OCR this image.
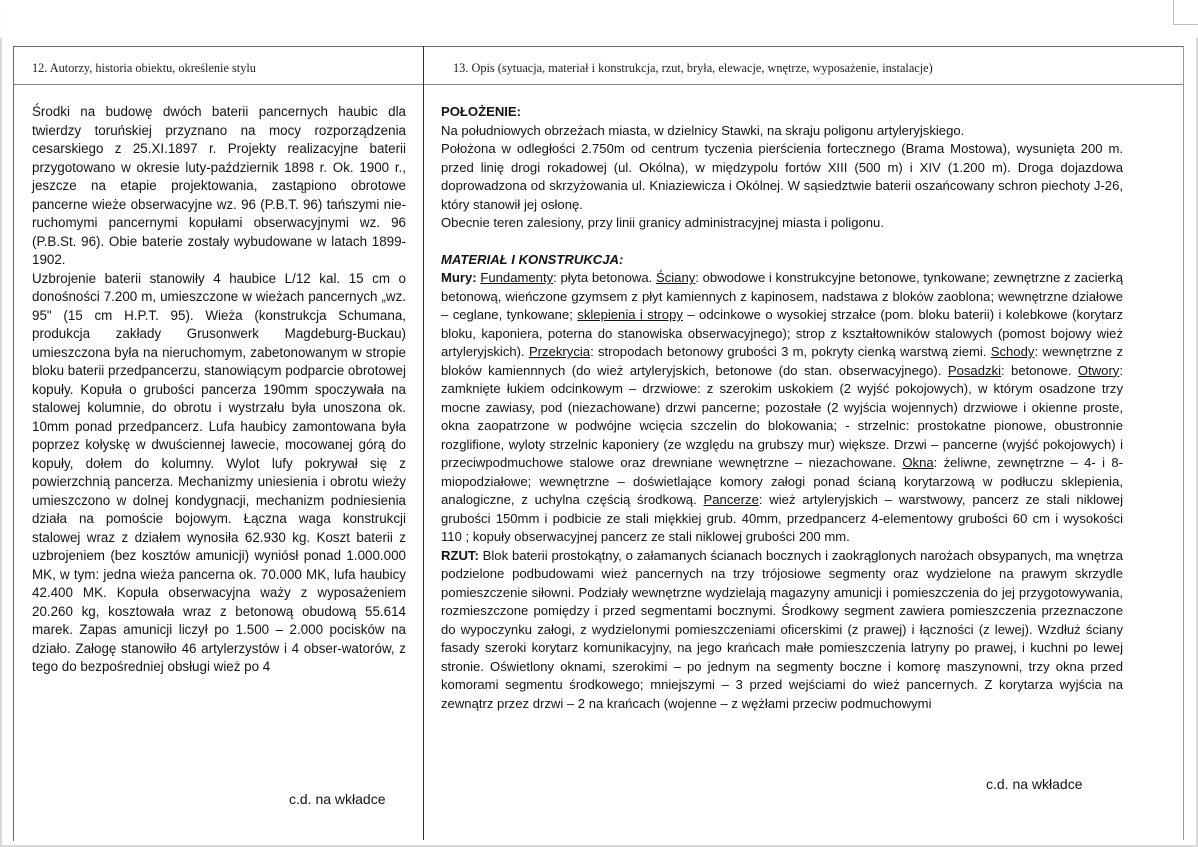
12. Autorzy, historia obiektu, określenie stylu	13. Opis (sytuacja, materiał i konstrukcja, rzut, bryła, elewacje, wnętrze, wyposażenie, instalacje)

Środki na budowę dwóch baterii pancernych haubic dla twierdzy toruńskiej przyznano na mocy rozporządzenia cesarskiego z 25.XI.1897 r. Projekty realizacyjne baterii przygotowano w okresie luty-październik 1898 r. Ok. 1900 r., jeszcze na etapie projektowania, zastąpiono obrotowe pancerne wieże obserwacyjne wz. 96 (P.B.T. 96) tańszymi nie-ruchomymi pancernymi kopułami obserwacyjnymi wz. 96 (P.B.St. 96). Obie baterie zostały wybudowane w latach 1899-1902.

Uzbrojenie baterii stanowiły 4 haubice L/12 kal. 15 cm o donośności 7.200 m, umieszczone w wieżach pancernych „wz. 95" (15 cm H.P.T. 95). Wieża (konstrukcja Schumana, produkcja zakłady Grusonwerk Magdeburg-Buckau) umieszczona była na nieruchomym, zabetonowanym w stropie bloku baterii przedpancerzu, stanowiącym podparcie obrotowej kopuły. Kopuła o grubości pancerza 190mm spoczywała na stalowej kolumnie, do obrotu i wystrzału była unoszona ok. 10mm ponad przedpancerz. Lufa haubicy zamontowana była poprzez kołyskę w dwuściennej lawecie, mocowanej górą do kopuły, dołem do kolumny. Wylot lufy pokrywał się z powierzchnią pancerza. Mechanizmy uniesienia i obrotu wieży umieszczono w dolnej kondygnacji, mechanizm podniesienia działa na pomoście bojowym. Łączna waga konstrukcji stalowej wraz z działem wynosiła 62.930 kg. Koszt baterii z uzbrojeniem (bez kosztów amunicji) wyniósł ponad 1.000.000 MK, w tym: jedna wieża pancerna ok. 70.000 MK, lufa haubicy 42.400 MK. Kopuła obserwacyjna waży z wyposażeniem 20.260 kg, kosztowała wraz z betonową obudową 55.614 marek. Zapas amunicji liczył po 1.500 – 2.000 pocisków na działo. Załogę stanowiło 46 artylerzystów i 4 obser-watorów, z tego do bezpośredniej obsługi wież po 4

c.d. na wkładce

POŁOŻENIE:

Na południowych obrzeżach miasta, w dzielnicy Stawki, na skraju poligonu artyleryjskiego.

Położona w odległości 2.750m od centrum tyczenia pierścienia fortecznego (Brama Mostowa), wysunięta 200 m. przed linię drogi rokadowej (ul. Okólna), w międzypolu fortów XIII (500 m) i XIV (1.200 m). Droga dojazdowa doprowadzona od skrzyżowania ul. Kniaziewicza i Okólnej. W sąsiedztwie baterii oszańcowany schron piechoty J-26, który stanowił jej osłonę.

Obecnie teren zalesiony, przy linii granicy administracyjnej miasta i poligonu.

MATERIAŁ I KONSTRUKCJA:

Mury: Fundamenty: płyta betonowa. Ściany: obwodowe i konstrukcyjne betonowe, tynkowane; zewnętrzne z zacierką betonową, wieńczone gzymsem z płyt kamiennych z kapinosem, nadstawa z bloków zaoblona; wewnętrzne działowe – ceglane, tynkowane; sklepienia i stropy – odcinkowe o wysokiej strzałce (pom. bloku baterii) i kolebkowe (korytarz bloku, kaponiera, poterna do stanowiska obserwacyjnego); strop z kształtowników stalowych (pomost bojowy wież artyleryjskich). Przekrycia: stropodach betonowy grubości 3 m, pokryty cienką warstwą ziemi. Schody: wewnętrzne z bloków kamiennnych (do wież artyleryjskich, betonowe (do stan. obserwacyjnego). Posadzki: betonowe. Otwory: zamknięte łukiem odcinkowym – drzwiowe: z szerokim uskokiem (2 wyjść pokojowych), w którym osadzone trzy mocne zawiasy, pod (niezachowane) drzwi pancerne; pozostałe (2 wyjścia wojennych) drzwiowe i okienne proste, okna zaopatrzone w podwójne wcięcia szczelin do blokowania; - strzelnic: prostokatne pionowe, obustronnie rozglifione, wyloty strzelnic kaponiery (ze względu na grubszy mur) większe. Drzwi – pancerne (wyjść pokojowych) i przeciwpodmuchowe stalowe oraz drewniane wewnętrzne – niezachowane. Okna: żeliwne, zewnętrzne – 4- i 8-miopodziałowe; wewnętrzne – doświetlające komory załogi ponad ścianą korytarzową w podłuczu sklepienia, analogiczne, z uchylna częścią środkową. Pancerze: wież artyleryjskich – warstwowy, pancerz ze stali niklowej grubości 150mm i podbicie ze stali miękkiej grub. 40mm, przedpancerz 4-elementowy grubości 60 cm i wysokości 110 ; kopuły obserwacyjnej pancerz ze stali niklowej grubości 200 mm.

RZUT: Blok baterii prostokątny, o załamanych ścianach bocznych i zaokrąglonych narożach obsypanych, ma wnętrza podzielone podbudowami wież pancernych na trzy trójosiowe segmenty oraz wydzielone na prawym skrzydle pomieszczenie siłowni. Podziały wewnętrzne wydzielają magazyny amunicji i pomieszczenia do jej przygotowywania, rozmieszczone pomiędzy i przed segmentami bocznymi. Środkowy segment zawiera pomieszczenia przeznaczone do wypoczynku załogi, z wydzielonymi pomieszczeniami oficerskimi (z prawej) i łączności (z lewej). Wzdłuż ściany fasady szeroki korytarz komunikacyjny, na jego krańcach małe pomieszczenia latryny po prawej, i kuchni po lewej stronie. Oświetlony oknami, szerokimi – po jednym na segmenty boczne i komorę maszynowni, trzy okna przed komorami segmentu środkowego; mniejszymi – 3 przed wejściami do wież pancernych. Z korytarza wyjścia na zewnątrz przez drzwi – 2 na krańcach (wojenne – z wężłami przeciw podmuchowymi

c.d. na wkładce
